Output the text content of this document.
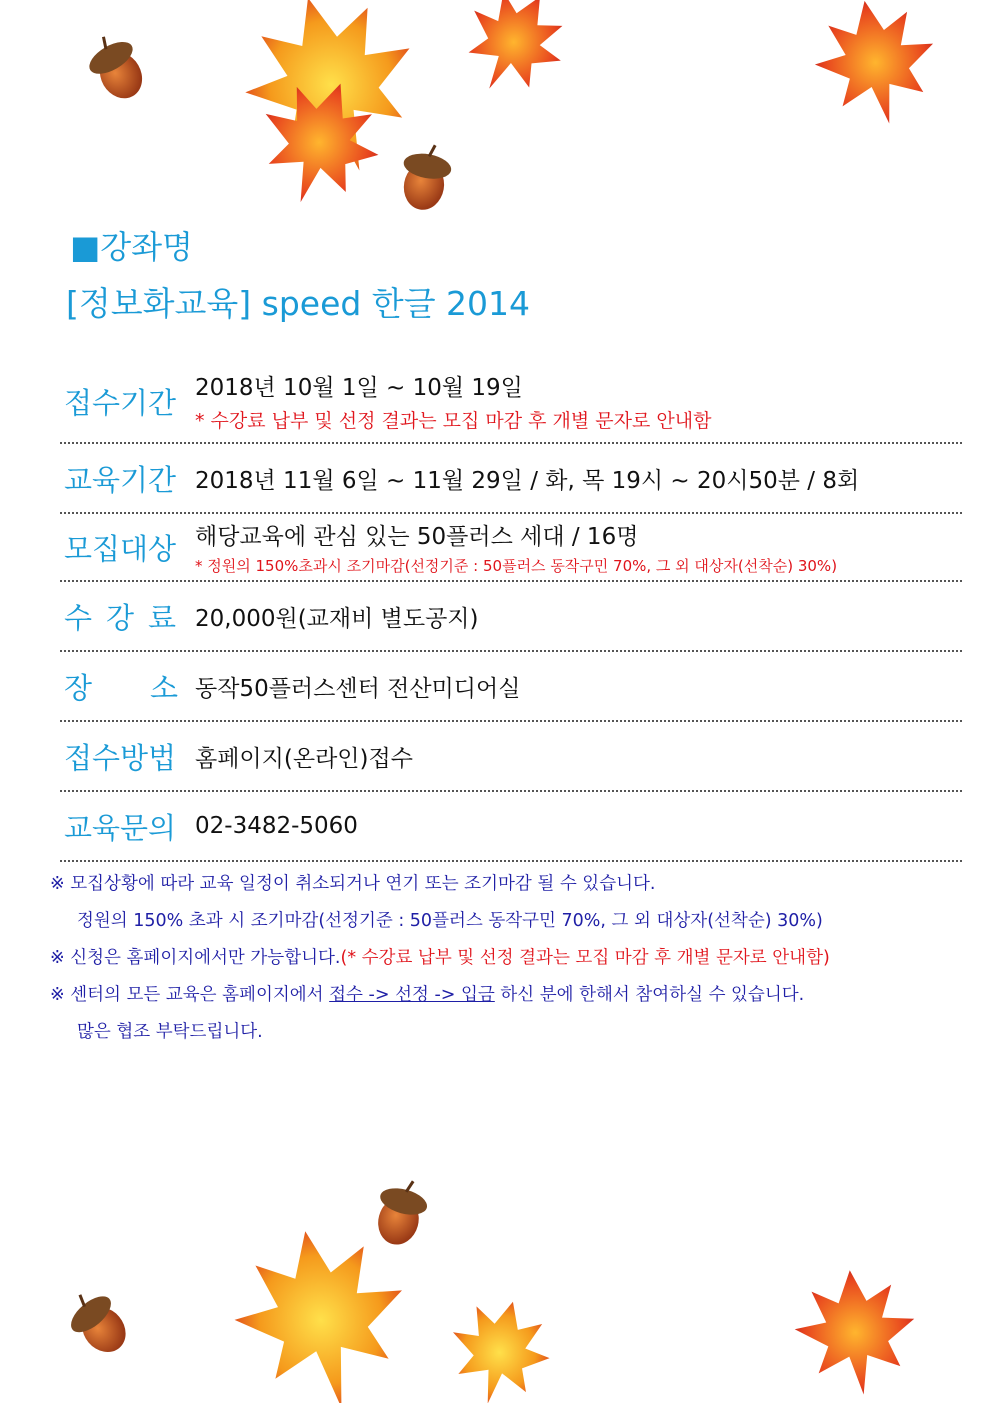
■강좌명
[정보화교육] speed 한글 2014
접수기간 2018년 10월 1일 ~ 10월 19일
* 수강료 납부 및 선정 결과는 모집 마감 후 개별 문자로 안내함
교육기간 2018년 11월 6일 ~ 11월 29일 / 화, 목 19시 ~ 20시50분 / 8회
모집대상 해당교육에 관심 있는 50플러스 세대 / 16명
* 정원의 150%초과시 조기마감(선정기준 : 50플러스 동작구민 70%, 그 외 대상자(선착순) 30%)
수강료 20,000원(교재비 별도공지)
장 소 동작50플러스센터 전산미디어실
접수방법 홈페이지(온라인)접수
교육문의 02-3482-5060
※ 모집상황에 따라 교육 일정이 취소되거나 연기 또는 조기마감 될 수 있습니다.
정원의 150% 초과 시 조기마감(선정기준 : 50플러스 동작구민 70%, 그 외 대상자(선착순) 30%)
※ 신청은 홈페이지에서만 가능합니다.(* 수강료 납부 및 선정 결과는 모집 마감 후 개별 문자로 안내함)
※ 센터의 모든 교육은 홈페이지에서 접수 -> 선정 -> 입금 하신 분에 한해서 참여하실 수 있습니다.
많은 협조 부탁드립니다.
